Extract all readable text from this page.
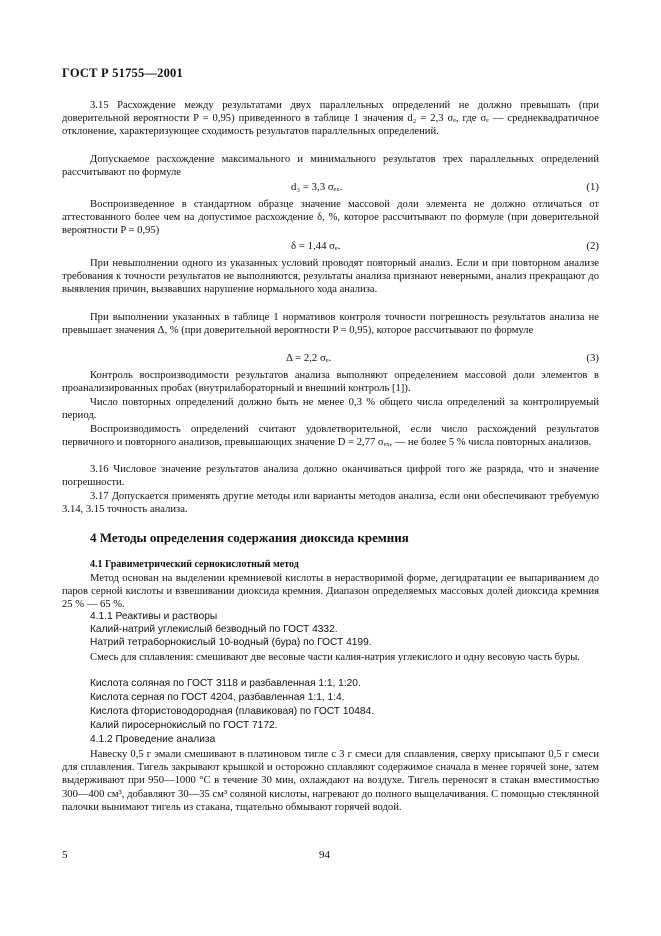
ГОСТ Р 51755—2001

3.15 Расхождение между результатами двух параллельных определений не должно превышать (при доверительной вероятности P = 0,95) приведенного в таблице 1 значения d₂ = 2,3 σₑ, где σₑ — среднеквадратичное отклонение, характеризующее сходимость результатов параллельных определений.

Допускаемое расхождение максимального и минимального результатов трех параллельных определений рассчитывают по формуле

d₃ = 3,3 σₑₓ.	(1)

Воспроизведенное в стандартном образце значение массовой доли элемента не должно отличаться от аттестованного более чем на допустимое расхождение δ, %, которое рассчитывают по формуле (при доверительной вероятности P = 0,95)

δ = 1,44 σₑ.	(2)

При невыполнении одного из указанных условий проводят повторный анализ. Если и при повторном анализе требования к точности результатов не выполняются, результаты анализа признают неверными, анализ прекращают до выявления причин, вызвавших нарушение нормального хода анализа.

При выполнении указанных в таблице 1 нормативов контроля точности погрешность результатов анализа не превышает значения Δ, % (при доверительной вероятности P = 0,95), которое рассчитывают по формуле

Δ = 2,2 σₑ.	(3)

Контроль воспроизводимости результатов анализа выполняют определением массовой доли элементов в проанализированных пробах (внутрилабораторный и внешний контроль [1]).

Число повторных определений должно быть не менее 0,3 % общего числа определений за контролируемый период.

Воспроизводимость определений считают удовлетворительной, если число расхождений результатов первичного и повторного анализов, превышающих значение D = 2,77 σₑₓ, — не более 5 % числа повторных анализов.

3.16 Числовое значение результатов анализа должно оканчиваться цифрой того же разряда, что и значение погрешности.

3.17 Допускается применять другие методы или варианты методов анализа, если они обеспечивают требуемую 3.14, 3.15 точность анализа.

4 Методы определения содержания диоксида кремния
4.1 Гравиметрический сернокислотный метод

Метод основан на выделении кремниевой кислоты в нерастворимой форме, дегидратации ее выпариванием до паров серной кислоты и взвешивании диоксида кремния. Диапазон определяемых массовых долей диоксида кремния 25 % — 65 %.

4.1.1 Реактивы и растворы
Калий-натрий углекислый безводный по ГОСТ 4332.
Натрий тетраборнокислый 10-водный (бура) по ГОСТ 4199.

Смесь для сплавления: смешивают две весовые части калия-натрия углекислого и одну весовую часть буры.

Кислота соляная по ГОСТ 3118 и разбавленная 1:1, 1:20.
Кислота серная по ГОСТ 4204, разбавленная 1:1, 1:4.
Кислота фтористоводородная (плавиковая) по ГОСТ 10484.
Калий пиросернокислый по ГОСТ 7172.
4.1.2 Проведение анализа

Навеску 0,5 г эмали смешивают в платиновом тигле с 3 г смеси для сплавления, сверху присыпают 0,5 г смеси для сплавления. Тигель закрывают крышкой и осторожно сплавляют содержимое сначала в менее горячей зоне, затем выдерживают при 950—1000 °С в течение 30 мин, охлаждают на воздухе. Тигель переносят в стакан вместимостью 300—400 см³, добавляют 30—35 см³ соляной кислоты, нагревают до полного выщелачивания. С помощью стеклянной палочки вынимают тигель из стакана, тщательно обмывают горячей водой.

5	94
